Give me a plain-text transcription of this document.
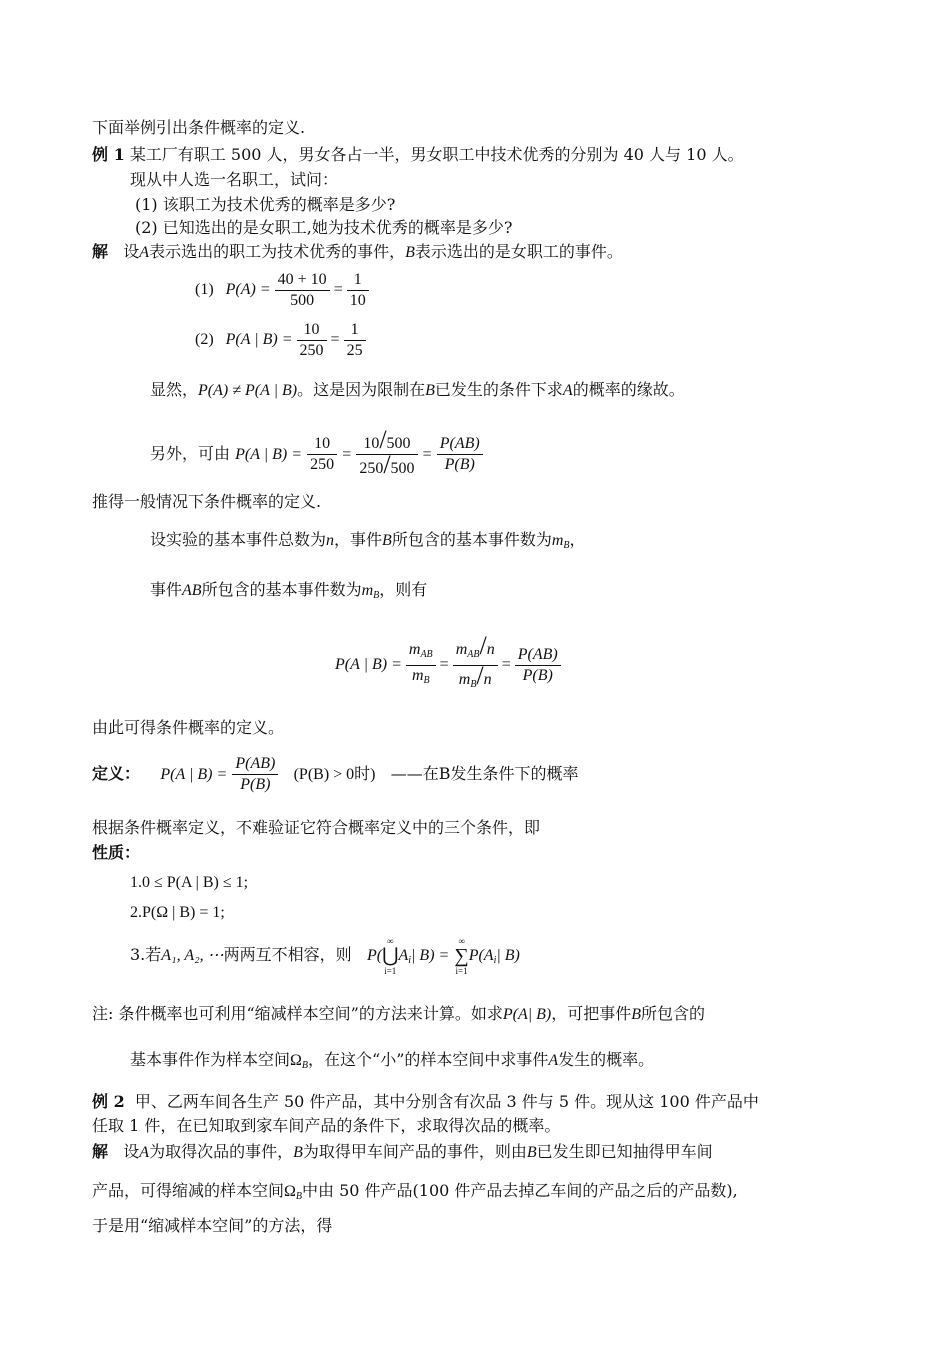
下面举例引出条件概率的定义.
例 1 某工厂有职工 500 人，男女各占一半，男女职工中技术优秀的分别为 40 人与 10 人。
现从中人选一名职工，试问：
(1) 该职工为技术优秀的概率是多少?
(2) 已知选出的是女职工,她为技术优秀的概率是多少?
解 设A表示选出的职工为技术优秀的事件，B表示选出的是女职工的事件。
(1) $P(A) = \frac{40 + 10}{500} = \frac{1}{10}$
(2) P(A | $B) = \frac{10}{250} = \frac{1}{25}$
显然，P(A) ≠ P(A | B)。这是因为限制在B已发生的条件下求A的概率的缘故。
另外，可由 P(A | $B) = \frac{10}{250} = \frac{10/500}{250/500} = \frac{P(AB)}{P(B)}$
推得一般情况下条件概率的定义.
设实验的基本事件总数为n，事件B所包含的基本事件数为$m_B$，
事件AB所包含的基本事件数为$m_B$，则有
P(A | $B) = \frac{m_{AB}}{m_B} = \frac{m_{AB}/n}{m_B/n} = \frac{P(AB)}{P(B)}$
由此可得条件概率的定义。
定义： P(A | $B) = \frac{P(AB)}{P(B)} (P(B) > 0$时) ——在B发生条件下的概率
根据条件概率定义，不难验证它符合概率定义中的三个条件，即
性质：
1.0 ≤ P(A | B) ≤ 1;
2.P(Ω | B) = 1;
3.若A₁, A₂, ⋯两两互不相容，则 P(
∞
⋃
i=1
$A_i|$ B) =
∞
∑
i=1
$P(A_i|$ B)
注: 条件概率也可利用“缩减样本空间”的方法来计算。如求P(A| B)，可把事件B所包含的
基本事件作为样本空间$\Omega_B$，在这个“小”的样本空间中求事件A发生的概率。
例 2 甲、乙两车间各生产 50 件产品，其中分别含有次品 3 件与 5 件。现从这 100 件产品中
任取 1 件，在已知取到家车间产品的条件下，求取得次品的概率。
解 设A为取得次品的事件，B为取得甲车间产品的事件，则由B已发生即已知抽得甲车间
产品，可得缩减的样本空间$\Omega_B$中由 50 件产品(100 件产品去掉乙车间的产品之后的产品数),
于是用“缩减样本空间”的方法，得
